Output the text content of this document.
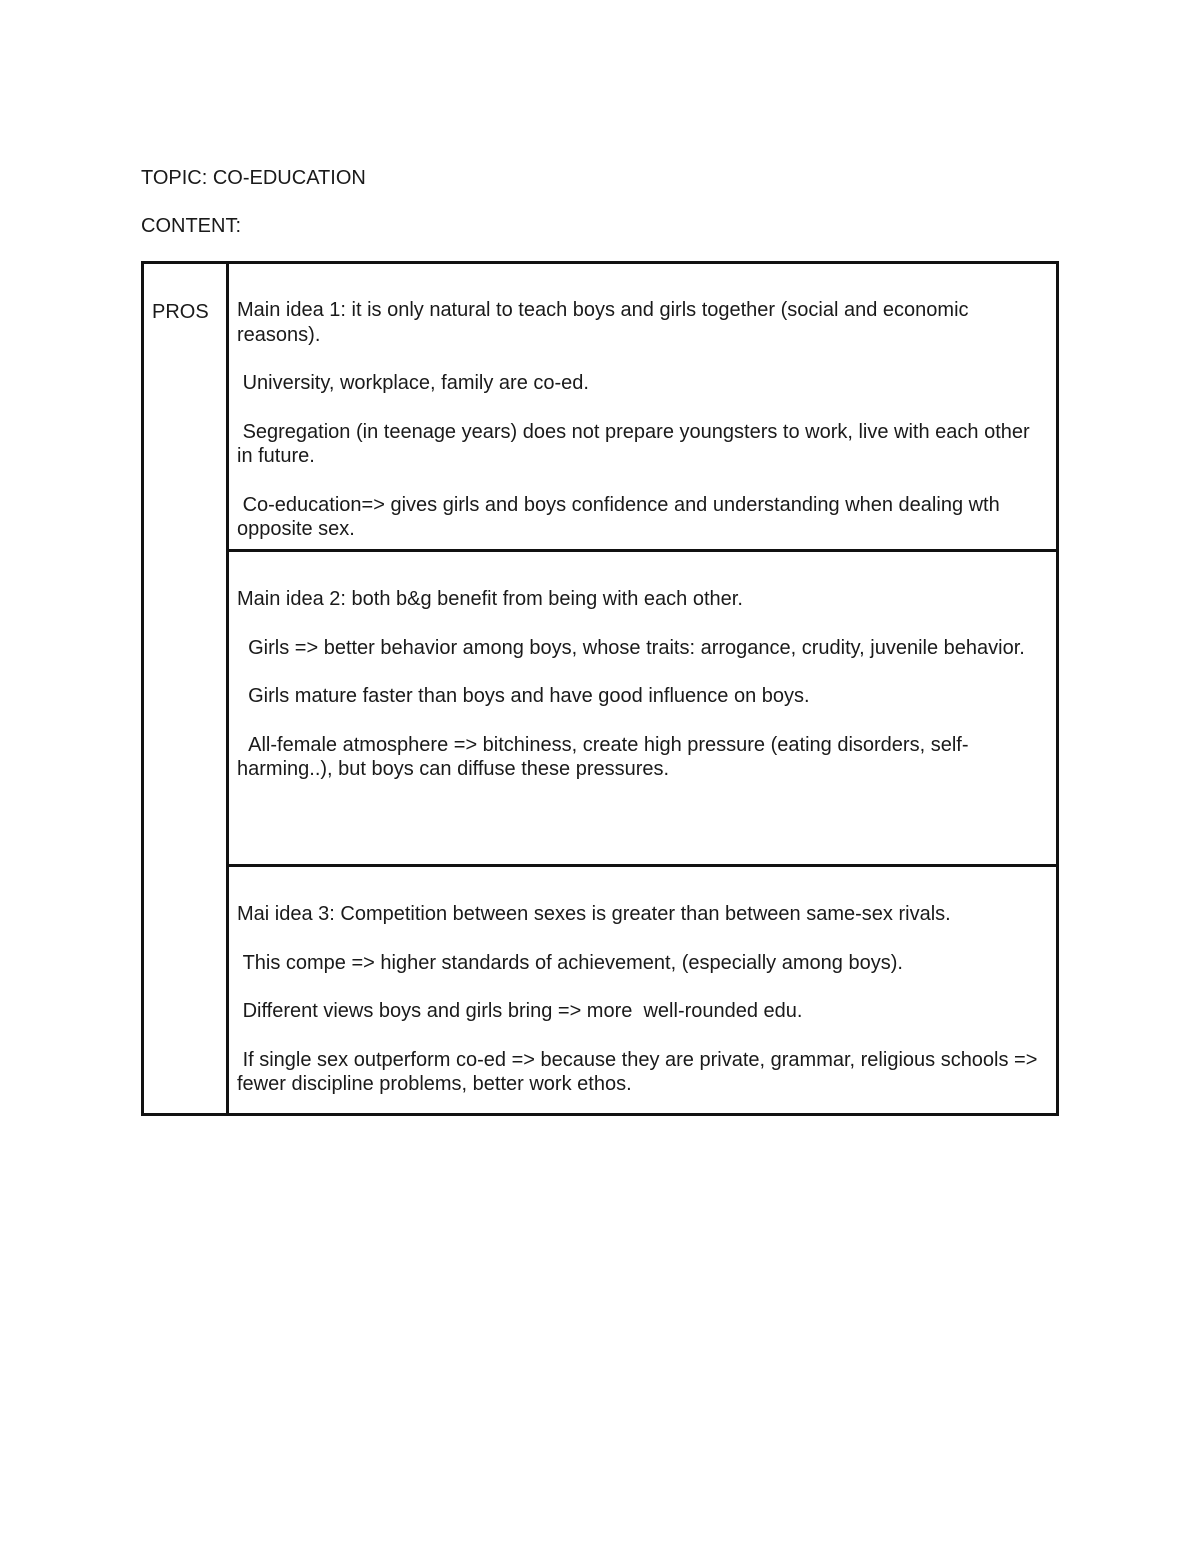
TOPIC: CO-EDUCATION
CONTENT:
PROS Main idea 1: it is only natural to teach boys and girls together (social and economic reasons).

University, workplace, family are co-ed.

Segregation (in teenage years) does not prepare youngsters to work, live with each other in future.

Co-education=> gives girls and boys confidence and understanding when dealing wth opposite sex.

Main idea 2: both b&g benefit from being with each other.

Girls => better behavior among boys, whose traits: arrogance, crudity, juvenile behavior.

Girls mature faster than boys and have good influence on boys.

All-female atmosphere => bitchiness, create high pressure (eating disorders, self-harming..), but boys can diffuse these pressures.

Mai idea 3: Competition between sexes is greater than between same-sex rivals.

This compe => higher standards of achievement, (especially among boys).

Different views boys and girls bring => more  well-rounded edu.

If single sex outperform co-ed => because they are private, grammar, religious schools => fewer discipline problems, better work ethos.
